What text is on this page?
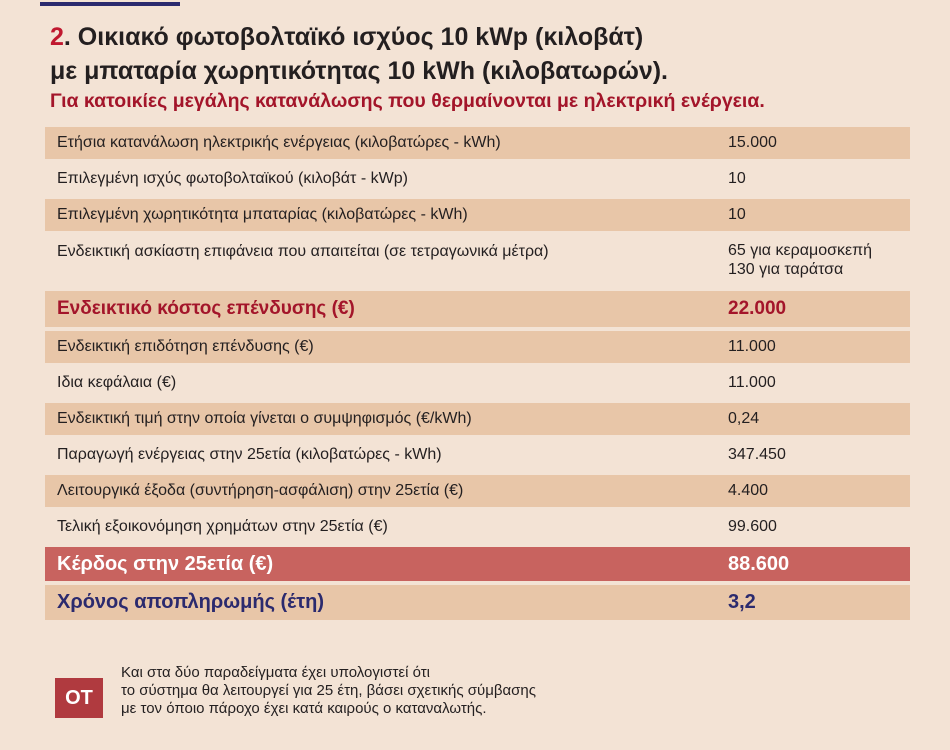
2. Οικιακό φωτοβολταϊκό ισχύος 10 kWp (κιλοβάτ)
με μπαταρία χωρητικότητας 10 kWh (κιλοβατωρών).
Για κατοικίες μεγάλης κατανάλωσης που θερμαίνονται με ηλεκτρική ενέργεια.
Ετήσια κατανάλωση ηλεκτρικής ενέργειας (κιλοβατώρες - kWh)	15.000
Επιλεγμένη ισχύς φωτοβολταϊκού (κιλοβάτ - kWp)	10
Επιλεγμένη χωρητικότητα μπαταρίας (κιλοβατώρες - kWh)	10
Ενδεικτική ασκίαστη επιφάνεια που απαιτείται (σε τετραγωνικά μέτρα)	65 για κεραμοσκεπή
130 για ταράτσα
Ενδεικτικό κόστος επένδυσης (€)	22.000
Ενδεικτική επιδότηση επένδυσης (€)	11.000
Ιδια κεφάλαια (€)	11.000
Ενδεικτική τιμή στην οποία γίνεται ο συμψηφισμός (€/kWh)	0,24
Παραγωγή ενέργειας στην 25ετία (κιλοβατώρες - kWh)	347.450
Λειτουργικά έξοδα (συντήρηση-ασφάλιση) στην 25ετία (€)	4.400
Τελική εξοικονόμηση χρημάτων στην 25ετία (€)	99.600
Κέρδος στην 25ετία (€)	88.600
Χρόνος αποπληρωμής (έτη)	3,2
OT
Και στα δύο παραδείγματα έχει υπολογιστεί ότι
το σύστημα θα λειτουργεί για 25 έτη, βάσει σχετικής σύμβασης
με τον όποιο πάροχο έχει κατά καιρούς ο καταναλωτής.
